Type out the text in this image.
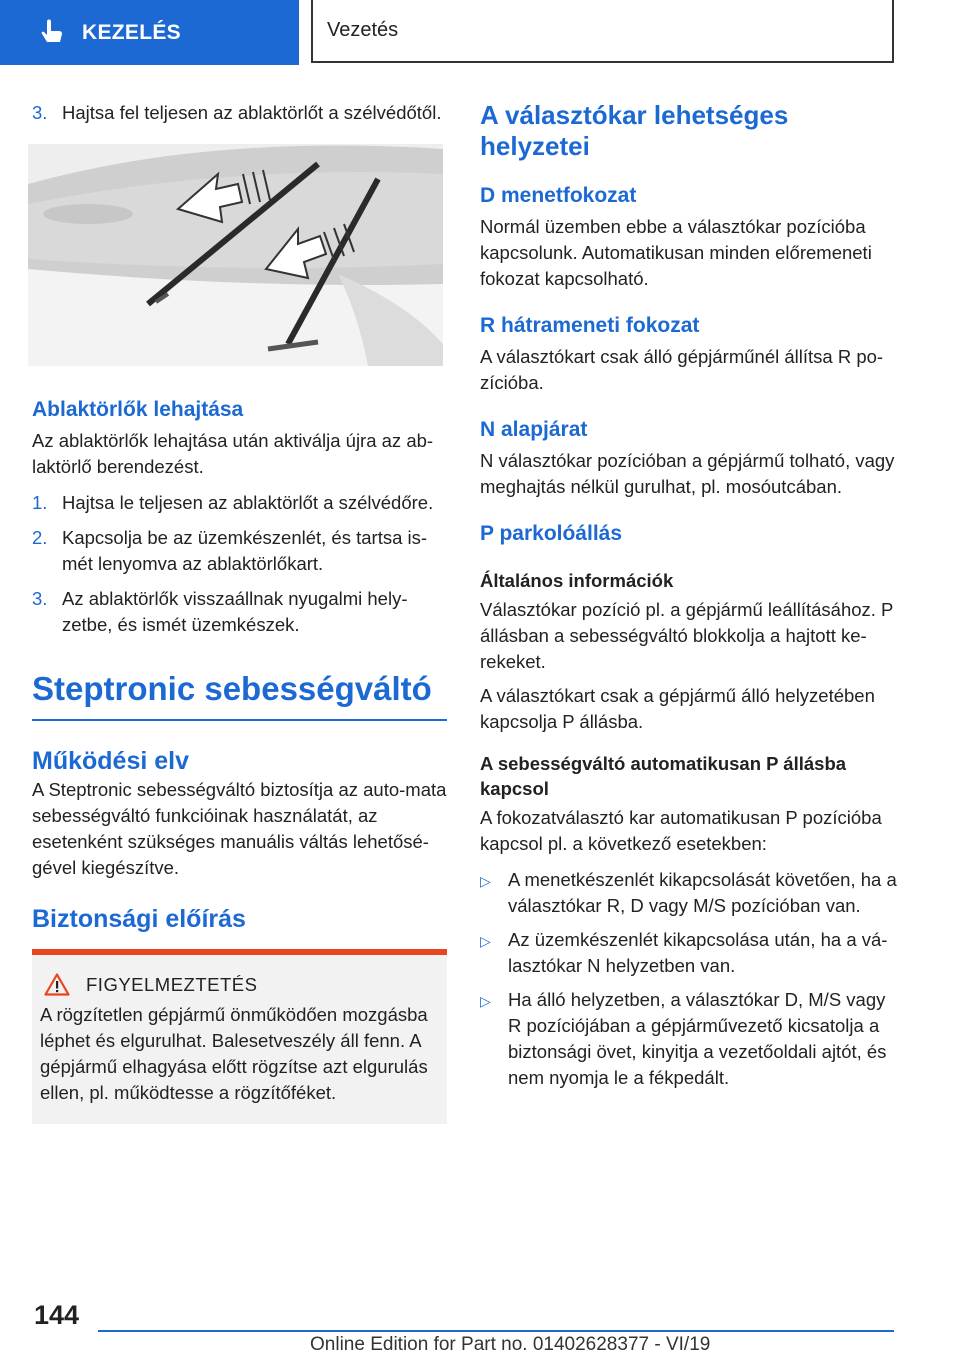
KEZELÉS	Vezetés
3. Hajtsa fel teljesen az ablaktörlőt a szélvédőtől.
Ablaktörlők lehajtása

Az ablaktörlők lehajtása után aktiválja újra az ab-laktörlő berendezést.

1. Hajtsa le teljesen az ablaktörlőt a szélvédőre.
2. Kapcsolja be az üzemkészenlét, és tartsa is-mét lenyomva az ablaktörlőkart.
3. Az ablaktörlők visszaállnak nyugalmi hely-zetbe, és ismét üzemkészek.
Steptronic sebességváltó
Működési elv

A Steptronic sebességváltó biztosítja az auto-mata sebességváltó funkcióinak használatát, az esetenként szükséges manuális váltás lehetősé-gével kiegészítve.

Biztonsági előírás
FIGYELMEZTETÉS

A rögzítetlen gépjármű önműködően mozgásba léphet és elgurulhat. Balesetveszély áll fenn. A gépjármű elhagyása előtt rögzítse azt elgurulás ellen, pl. működtesse a rögzítőféket.

A választókar lehetséges helyzetei
D menetfokozat

Normál üzemben ebbe a választókar pozícióba kapcsolunk. Automatikusan minden előremeneti fokozat kapcsolható.

R hátrameneti fokozat

A választókart csak álló gépjárműnél állítsa R po-zícióba.

N alapjárat

N választókar pozícióban a gépjármű tolható, vagy meghajtás nélkül gurulhat, pl. mosóutcában.

P parkolóállás
Általános információk

Választókar pozíció pl. a gépjármű leállításához. P állásban a sebességváltó blokkolja a hajtott ke-rekeket.

A választókart csak a gépjármű álló helyzetében kapcsolja P állásba.

A sebességváltó automatikusan P állásba kapcsol

A fokozatválasztó kar automatikusan P pozícióba kapcsol pl. a következő esetekben:

▷ A menetkészenlét kikapcsolását követően, ha a választókar R, D vagy M/S pozícióban van.
▷ Az üzemkészenlét kikapcsolása után, ha a vá-lasztókar N helyzetben van.
▷ Ha álló helyzetben, a választókar D, M/S vagy R pozíciójában a gépjárművezető kicsatolja a biztonsági övet, kinyitja a vezetőoldali ajtót, és nem nyomja le a fékpedált.
144
Online Edition for Part no. 01402628377 - VI/19
